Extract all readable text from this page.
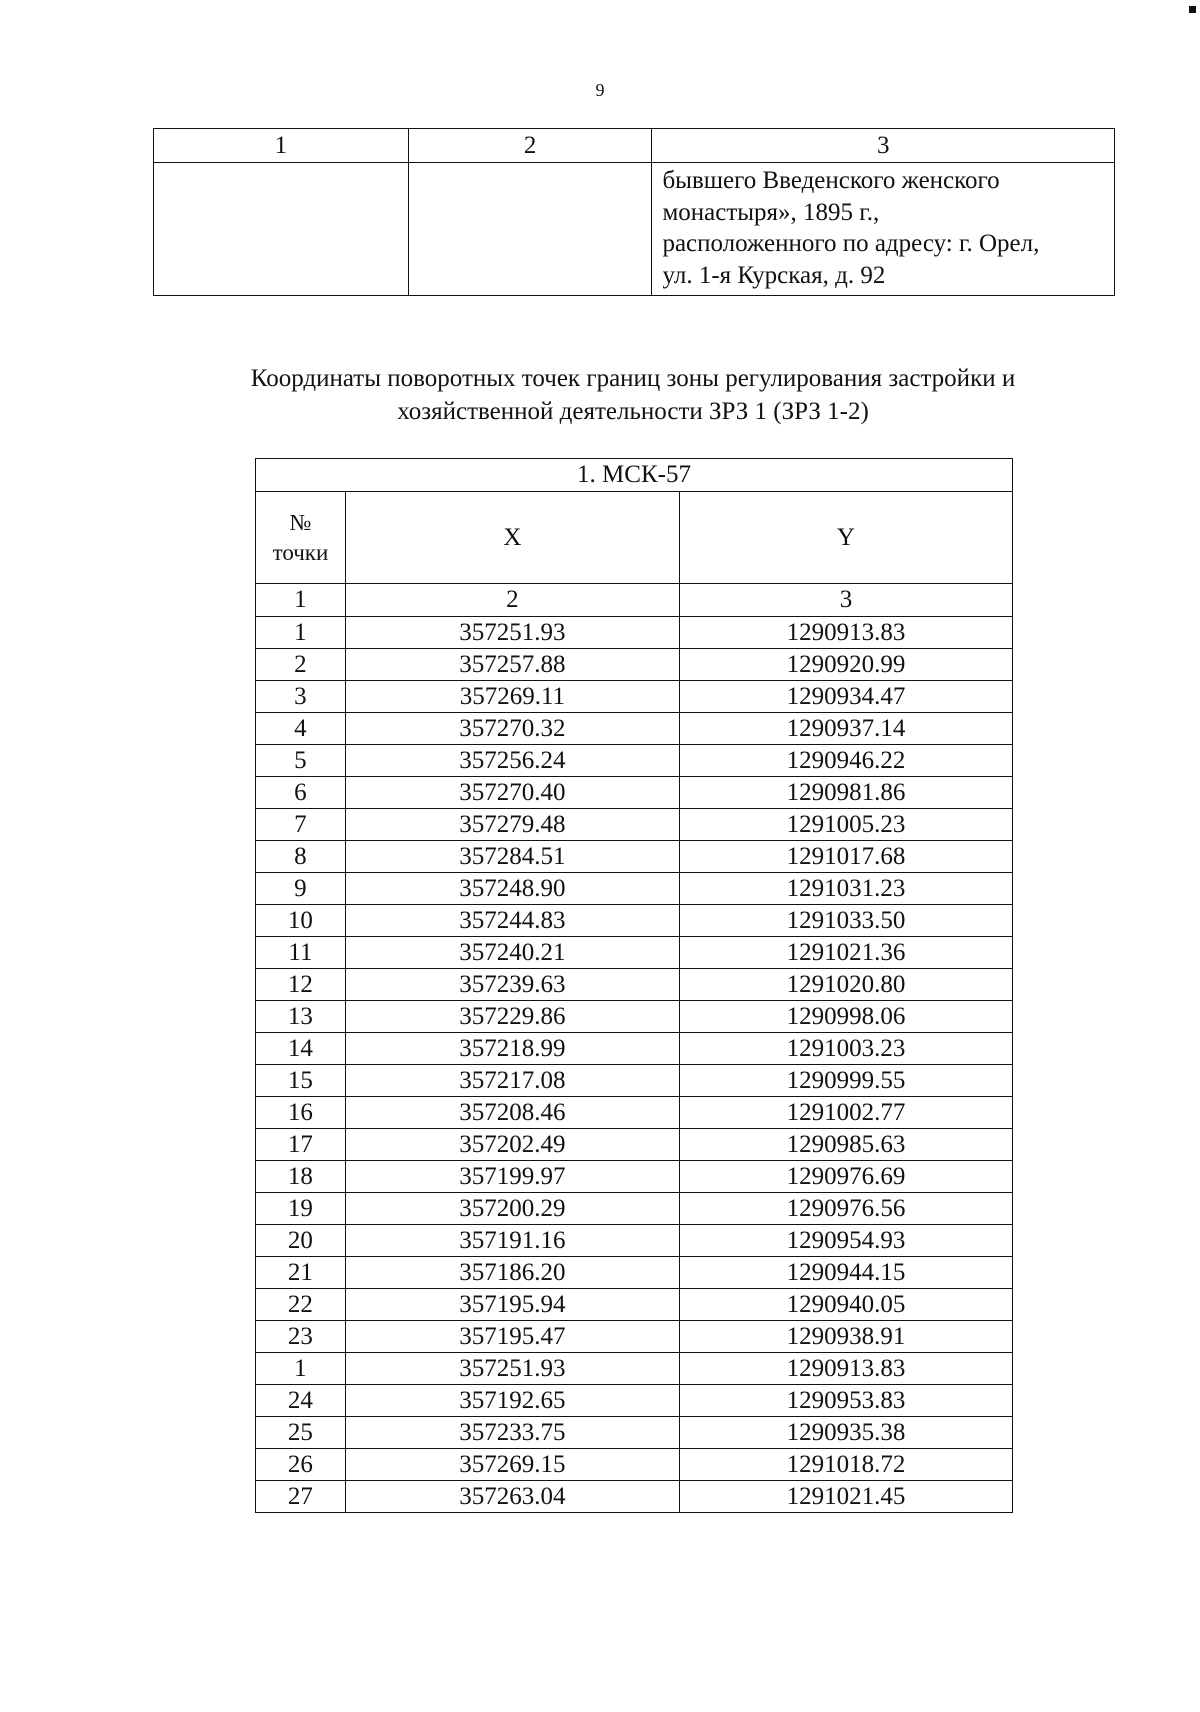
9
1	2	3

		бывшего Введенского женского
монастыря», 1895 г.,
расположенного по адресу: г. Орел,
ул. 1-я Курская, д. 92
Координаты поворотных точек границ зоны регулирования застройки и
хозяйственной деятельности ЗРЗ 1 (ЗРЗ 1-2)
1. МСК-57		

№
точки	X	Y
1	2	3
1	357251.93	1290913.83
2	357257.88	1290920.99
3	357269.11	1290934.47
4	357270.32	1290937.14
5	357256.24	1290946.22
6	357270.40	1290981.86
7	357279.48	1291005.23
8	357284.51	1291017.68
9	357248.90	1291031.23
10	357244.83	1291033.50
11	357240.21	1291021.36
12	357239.63	1291020.80
13	357229.86	1290998.06
14	357218.99	1291003.23
15	357217.08	1290999.55
16	357208.46	1291002.77
17	357202.49	1290985.63
18	357199.97	1290976.69
19	357200.29	1290976.56
20	357191.16	1290954.93
21	357186.20	1290944.15
22	357195.94	1290940.05
23	357195.47	1290938.91
1	357251.93	1290913.83
24	357192.65	1290953.83
25	357233.75	1290935.38
26	357269.15	1291018.72
27	357263.04	1291021.45
